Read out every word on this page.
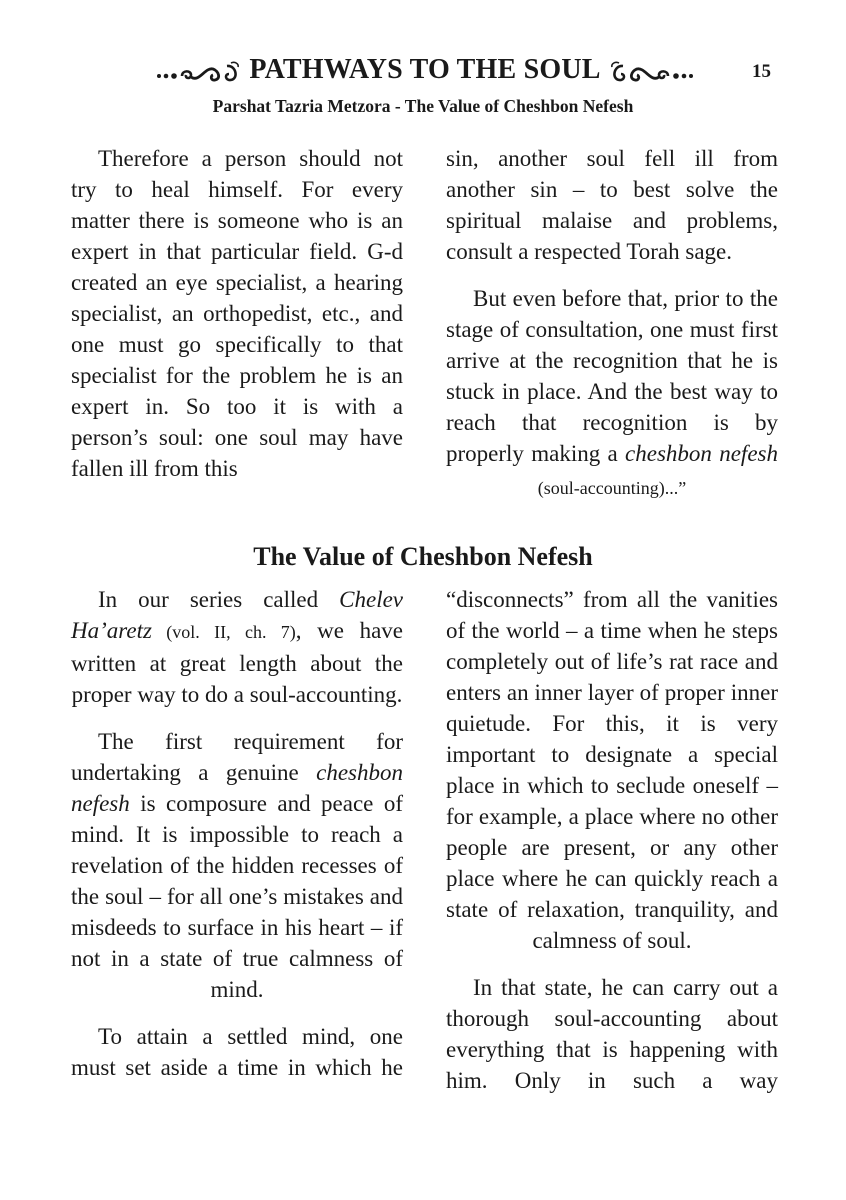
PATHWAYS TO THE SOUL	15
Parshat Tazria Metzora - The Value of Cheshbon Nefesh

Therefore a person should not try to heal himself. For every matter there is someone who is an expert in that particular field. G-d created an eye specialist, a hearing specialist, an orthopedist, etc., and one must go specifically to that specialist for the problem he is an expert in. So too it is with a person’s soul: one soul may have fallen ill from this

sin, another soul fell ill from another sin – to best solve the spiritual malaise and problems, consult a respected Torah sage.

But even before that, prior to the stage of consultation, one must first arrive at the recognition that he is stuck in place. And the best way to reach that recognition is by properly making a cheshbon nefesh (soul-accounting)...”

The Value of Cheshbon Nefesh

In our series called Chelev Ha’aretz (vol. II, ch. 7), we have written at great length about the proper way to do a soul-accounting.

The first requirement for undertaking a genuine cheshbon nefesh is composure and peace of mind. It is impossible to reach a revelation of the hidden recesses of the soul – for all one’s mistakes and misdeeds to surface in his heart – if not in a state of true calmness of mind.

To attain a settled mind, one must set aside a time in which he

“disconnects” from all the vanities of the world – a time when he steps completely out of life’s rat race and enters an inner layer of proper inner quietude. For this, it is very important to designate a special place in which to seclude oneself – for example, a place where no other people are present, or any other place where he can quickly reach a state of relaxation, tranquility, and calmness of soul.

In that state, he can carry out a thorough soul-accounting about everything that is happening with him. Only in such a way
